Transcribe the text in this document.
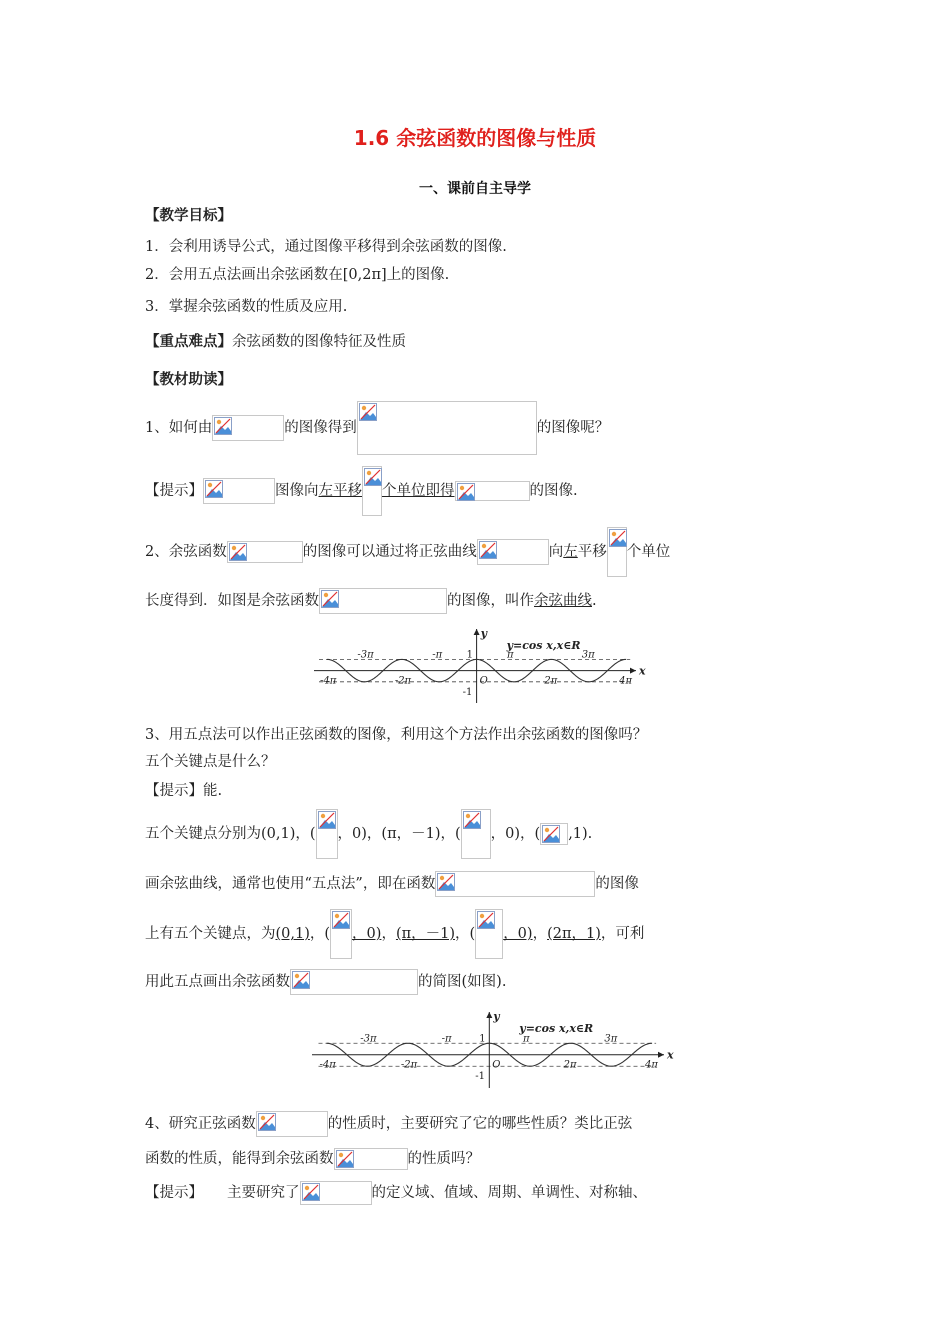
1.6 余弦函数的图像与性质
一、课前自主导学
【教学目标】
1．会利用诱导公式，通过图像平移得到余弦函数的图像.
2．会用五点法画出余弦函数在[0,2π]上的图像.
3．掌握余弦函数的性质及应用.
【重点难点】余弦函数的图像特征及性质
【教材助读】
1、如何由	的图像得到	的图像呢？
【提示】	图像向左平移 个单位即得	的图像.
2、余弦函数	的图像可以通过将正弦曲线	向左平移 个单位
长度得到．如图是余弦函数	的图像，叫作余弦曲线.
-4π
-3π
-2π
-π
O
π
2π
3π
4π
1
-1
x
y
y=cos x,x∈R
3、用五点法可以作出正弦函数的图像，利用这个方法作出余弦函数的图像吗？
五个关键点是什么？
【提示】能.
五个关键点分别为(0,1)，( ，0)，(π，－1)，( ，0)，( ,1).
画余弦曲线，通常也使用“五点法”，即在函数	的图像
上有五个关键点，为(0,1)，( ，0)，(π，－1)，( ，0)，(2π，1)，可利
用此五点画出余弦函数	的简图(如图).
-4π
-3π
-2π
-π
O
π
2π
3π
4π
1
-1
x
y
y=cos x,x∈R
4、研究正弦函数	的性质时，主要研究了它的哪些性质？类比正弦
函数的性质，能得到余弦函数	的性质吗？
【提示】 主要研究了	的定义域、值域、周期、单调性、对称轴、
